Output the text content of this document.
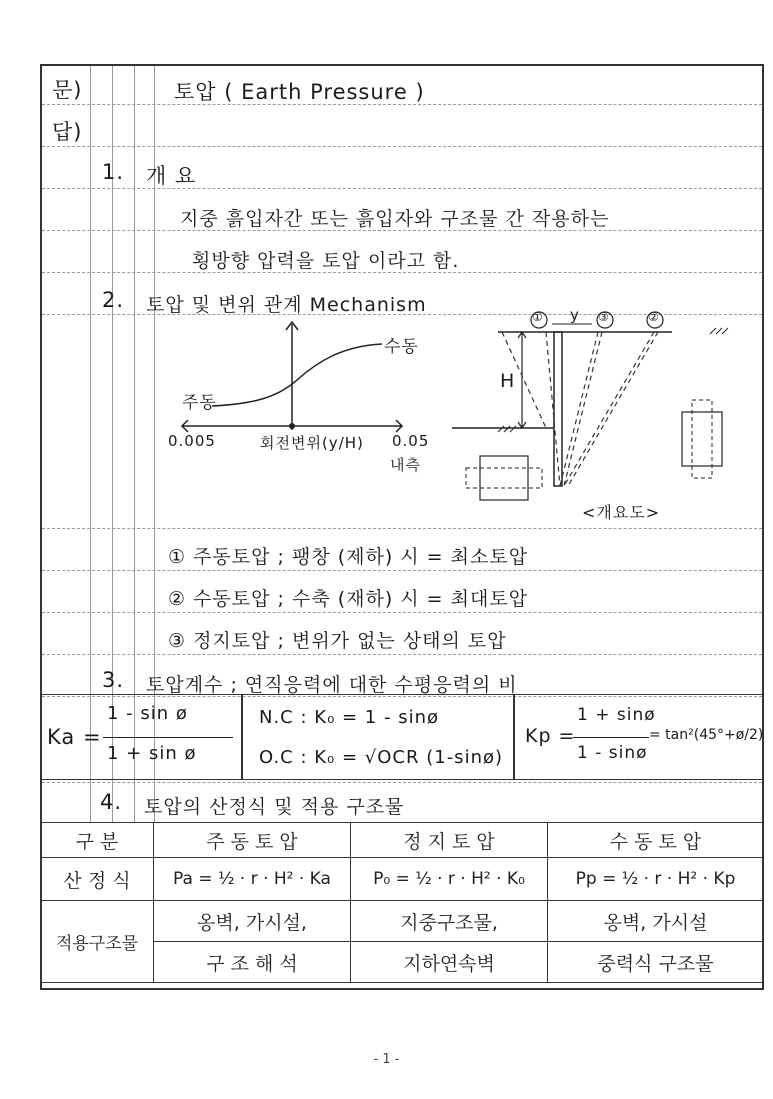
문)	토압 ( Earth Pressure )
답)
1. 개 요
지중 흙입자간 또는 흙입자와 구조물 간 작용하는
횡방향 압력을 토압 이라고 함.
2. 토압 및 변위 관계 Mechanism
수동
주동
0.005	회전변위(y/H) 0.05
내측
① y ③	②
H
<개요도>
① 주동토압 ; 팽창 (제하) 시 = 최소토압
② 수동토압 ; 수축 (재하) 시 = 최대토압
③ 정지토압 ; 변위가 없는 상태의 토압
3. 토압계수 ; 연직응력에 대한 수평응력의 비
Ka =
1 - sin ø
1 + sin ø
N.C : K₀ = 1 - sinø
O.C : K₀ = √OCR (1-sinø)
Kp =
1 + sinø
1 - sinø
= tan²(45°+ø/2)
4. 토압의 산정식 및 적용 구조물
구 분	주 동 토 압	정 지 토 압	수 동 토 압
산 정 식	Pa = ½ · r · H² · Ka	P₀ = ½ · r · H² · K₀	Pp = ½ · r · H² · Kp
적용구조물	옹벽, 가시설,	지중구조물,	옹벽, 가시설
	구 조 해 석	지하연속벽	중력식 구조물
- 1 -
